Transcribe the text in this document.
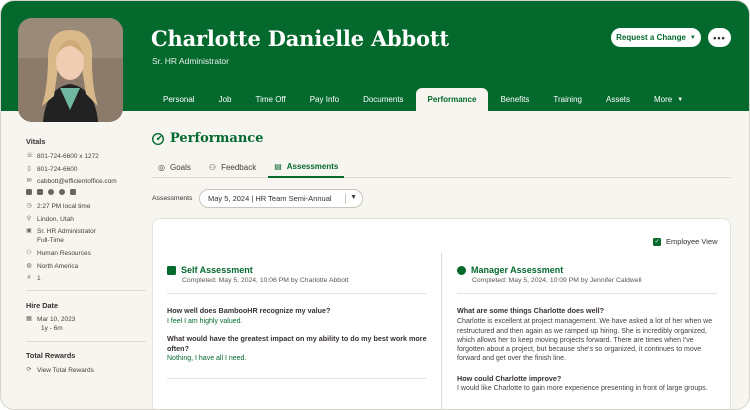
Charlotte Danielle Abbott
Sr. HR Administrator
Request a Change ▼ •••
Personal	Job	Time Off	Pay Info	Documents	Performance	Benefits	Training	Assets	More ▼
Vitals
☏ 801-724-6600 x 1272
▯ 801-724-6600
✉ cabbott@efficientoffice.com
◷ 2:27 PM local time
⚲ Lindon, Utah
▣ Sr. HR Administrator
Full-Time
⚇ Human Resources
◍ North America
# 1
Hire Date
▦ Mar 10, 2023
1y - 6m
Total Rewards
⟳ View Total Rewards
Performance
◎ Goals ⚇ Feedback ▤ Assessments
Assessments May 5, 2024 | HR Team Semi-Annual	▼
✓ Employee View
Self Assessment
Completed: May 5, 2024, 10:06 PM by Charlotte Abbott
How well does BambooHR recognize my value?
I feel I am highly valued.
What would have the greatest impact on my ability to do my best work more
often?
Nothing, I have all I need.
Manager Assessment
Completed: May 5, 2024, 10:09 PM by Jennifer Caldwell
What are some things Charlotte does well?
Charlotte is excellent at project management. We have asked a lot of her when we
restructured and then again as we ramped up hiring. She is incredibly organized,
which allows her to keep moving projects forward. There are times when I've
forgotten about a project, but because she's so organized, it continues to move
forward and get over the finish line.
How could Charlotte improve?
I would like Charlotte to gain more experience presenting in front of large groups.
